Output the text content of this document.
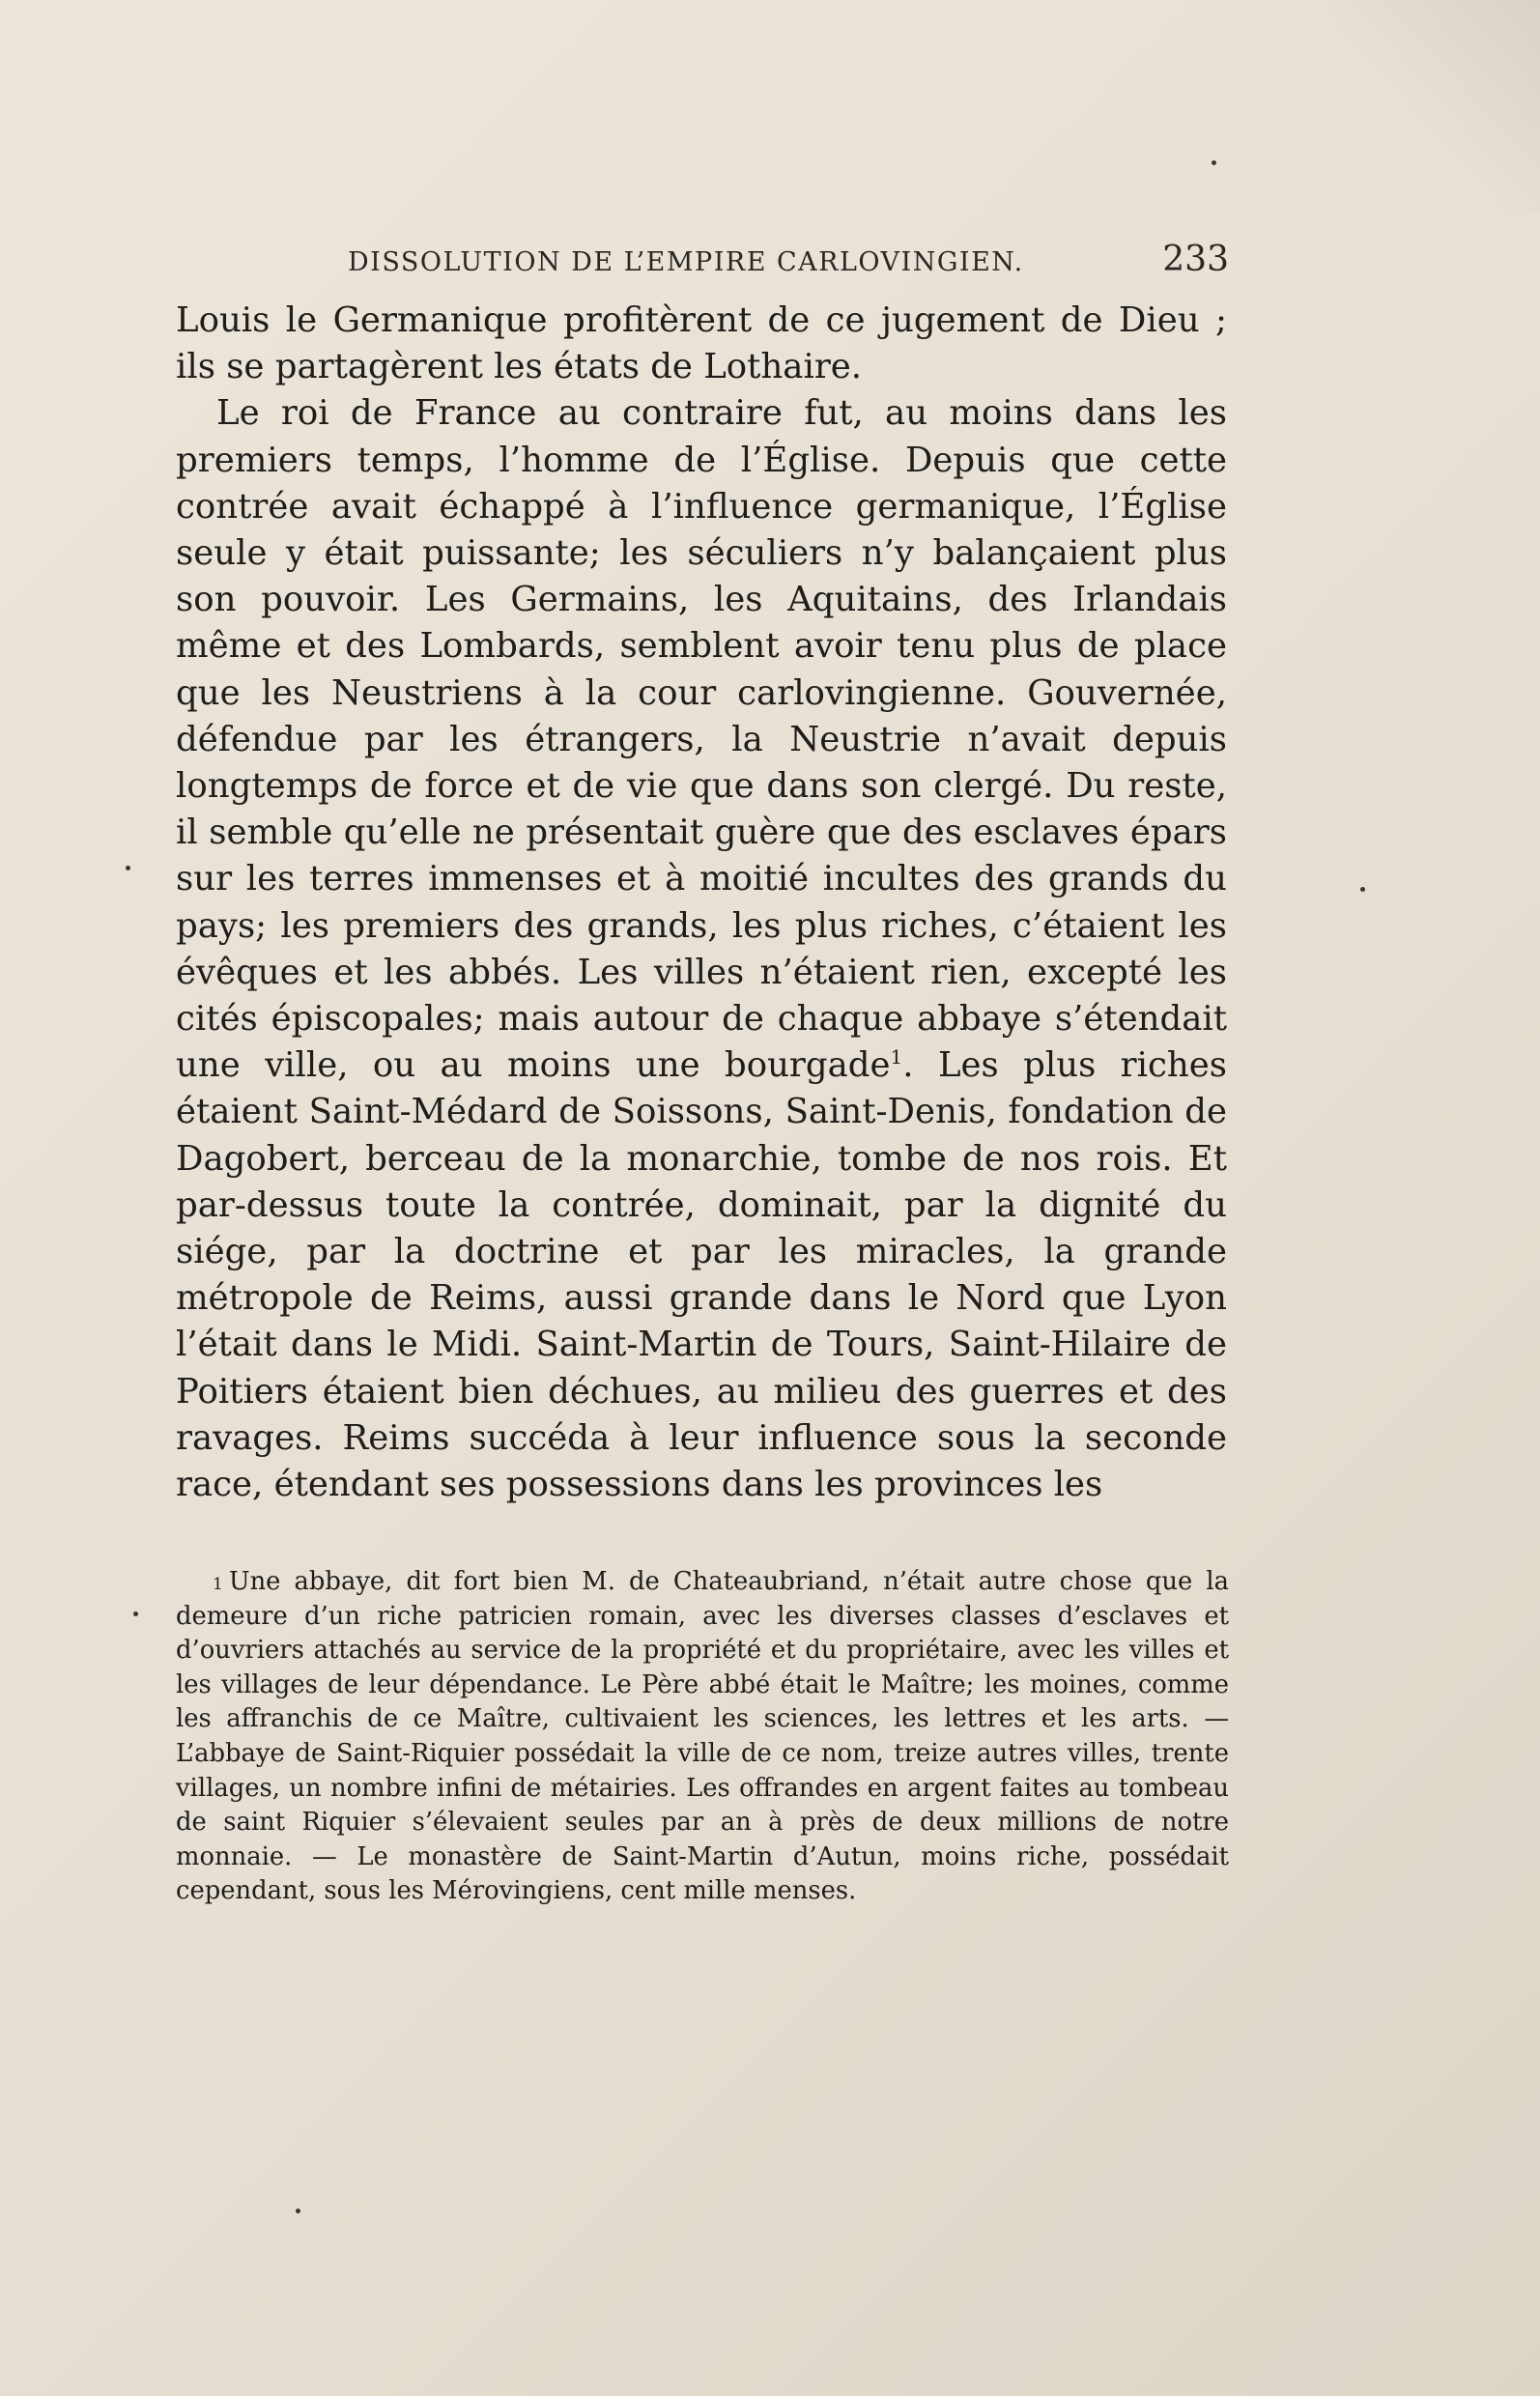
DISSOLUTION DE L’EMPIRE CARLOVINGIEN.	233

Louis le Germanique profitèrent de ce jugement de Dieu ; ils se partagèrent les états de Lothaire.

Le roi de France au contraire fut, au moins dans les premiers temps, l’homme de l’Église. Depuis que cette contrée avait échappé à l’influence germanique, l’Église seule y était puissante; les séculiers n’y balançaient plus son pouvoir. Les Germains, les Aquitains, des Irlandais même et des Lombards, semblent avoir tenu plus de place que les Neustriens à la cour carlovingienne. Gouvernée, défendue par les étrangers, la Neustrie n’avait depuis longtemps de force et de vie que dans son clergé. Du reste, il semble qu’elle ne présentait guère que des esclaves épars sur les terres immenses et à moitié incultes des grands du pays; les premiers des grands, les plus riches, c’étaient les évêques et les abbés. Les villes n’étaient rien, excepté les cités épiscopales; mais autour de chaque abbaye s’étendait une ville, ou au moins une bourgade$^1$. Les plus riches étaient Saint-Médard de Soissons, Saint-Denis, fondation de Dagobert, berceau de la monarchie, tombe de nos rois. Et par-dessus toute la contrée, dominait, par la dignité du siége, par la doctrine et par les miracles, la grande métropole de Reims, aussi grande dans le Nord que Lyon l’était dans le Midi. Saint-Martin de Tours, Saint-Hilaire de Poitiers étaient bien déchues, au milieu des guerres et des ravages. Reims succéda à leur influence sous la seconde race, étendant ses possessions dans les provinces les

$^1$ Une abbaye, dit fort bien M. de Chateaubriand, n’était autre chose que la demeure d’un riche patricien romain, avec les diverses classes d’esclaves et d’ouvriers attachés au service de la propriété et du propriétaire, avec les villes et les villages de leur dépendance. Le Père abbé était le Maître; les moines, comme les affranchis de ce Maître, cultivaient les sciences, les lettres et les arts. — L’abbaye de Saint-Riquier possédait la ville de ce nom, treize autres villes, trente villages, un nombre infini de métairies. Les offrandes en argent faites au tombeau de saint Riquier s’élevaient seules par an à près de deux millions de notre monnaie. — Le monastère de Saint-Martin d’Autun, moins riche, possédait cependant, sous les Mérovingiens, cent mille menses.
